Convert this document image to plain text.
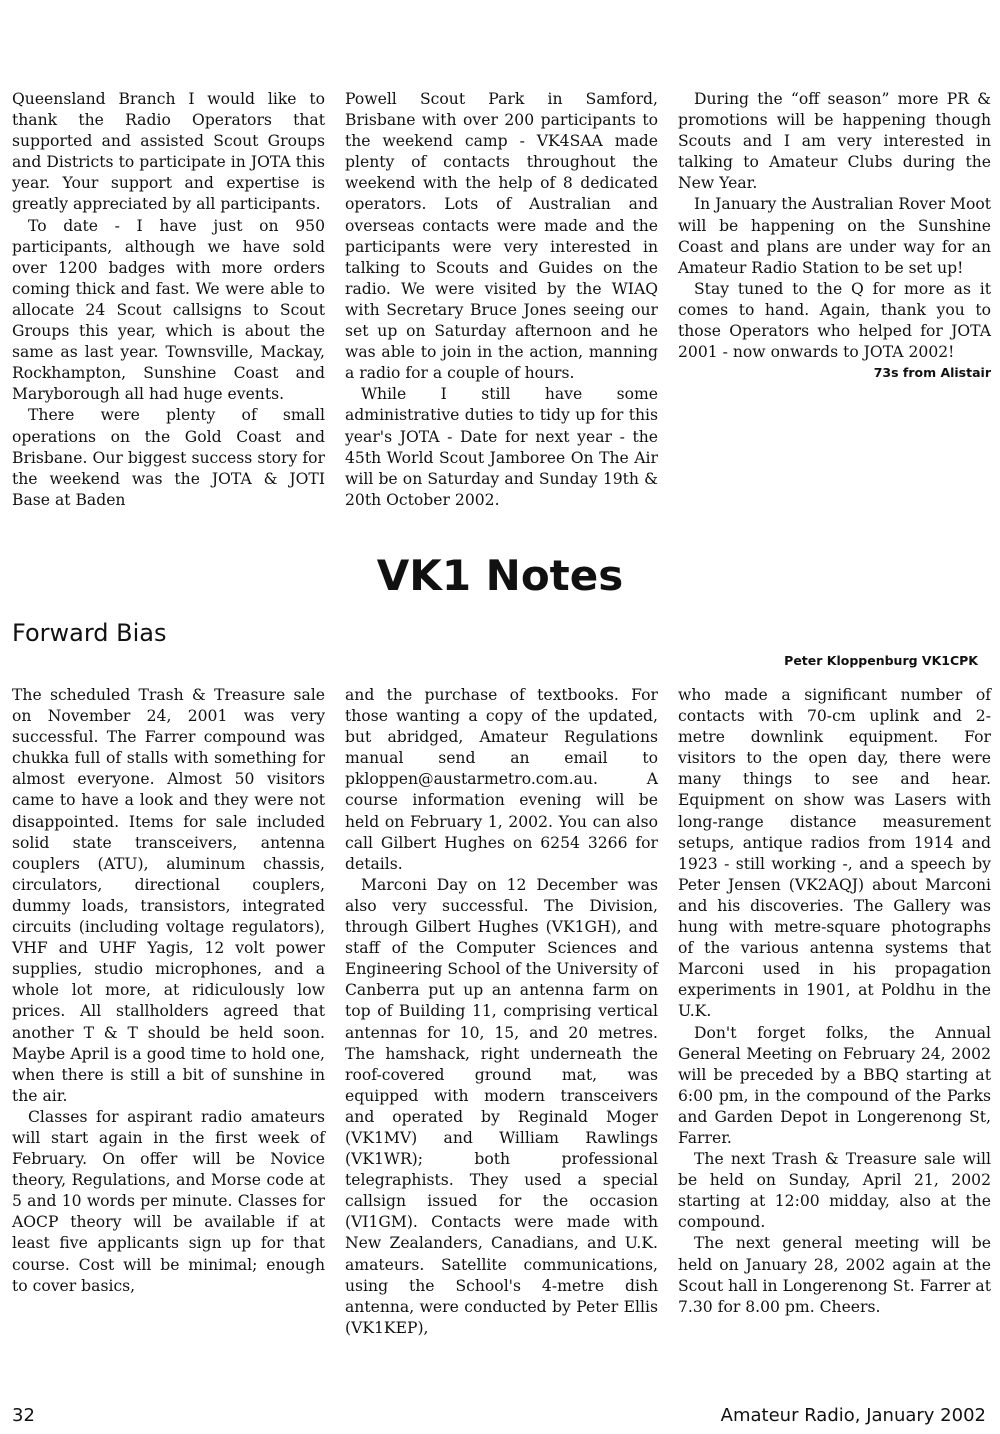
Queensland Branch I would like to thank the Radio Operators that supported and assisted Scout Groups and Districts to participate in JOTA this year. Your support and expertise is greatly appreciated by all participants.

To date - I have just on 950 participants, although we have sold over 1200 badges with more orders coming thick and fast. We were able to allocate 24 Scout callsigns to Scout Groups this year, which is about the same as last year. Townsville, Mackay, Rockhampton, Sunshine Coast and Maryborough all had huge events.

There were plenty of small operations on the Gold Coast and Brisbane. Our biggest success story for the weekend was the JOTA & JOTI Base at Baden

Powell Scout Park in Samford, Brisbane with over 200 participants to the weekend camp - VK4SAA made plenty of contacts throughout the weekend with the help of 8 dedicated operators. Lots of Australian and overseas contacts were made and the participants were very interested in talking to Scouts and Guides on the radio. We were visited by the WIAQ with Secretary Bruce Jones seeing our set up on Saturday afternoon and he was able to join in the action, manning a radio for a couple of hours.

While I still have some administrative duties to tidy up for this year's JOTA - Date for next year - the 45th World Scout Jamboree On The Air will be on Saturday and Sunday 19th & 20th October 2002.

During the “off season” more PR & promotions will be happening though Scouts and I am very interested in talking to Amateur Clubs during the New Year.

In January the Australian Rover Moot will be happening on the Sunshine Coast and plans are under way for an Amateur Radio Station to be set up!

Stay tuned to the Q for more as it comes to hand. Again, thank you to those Operators who helped for JOTA 2001 - now onwards to JOTA 2002!

73s from Alistair
VK1 Notes
Forward Bias
Peter Kloppenburg VK1CPK

The scheduled Trash & Treasure sale on November 24, 2001 was very successful. The Farrer compound was chukka full of stalls with something for almost everyone. Almost 50 visitors came to have a look and they were not disappointed. Items for sale included solid state transceivers, antenna couplers (ATU), aluminum chassis, circulators, directional couplers, dummy loads, transistors, integrated circuits (including voltage regulators), VHF and UHF Yagis, 12 volt power supplies, studio microphones, and a whole lot more, at ridiculously low prices. All stallholders agreed that another T & T should be held soon. Maybe April is a good time to hold one, when there is still a bit of sunshine in the air.

Classes for aspirant radio amateurs will start again in the first week of February. On offer will be Novice theory, Regulations, and Morse code at 5 and 10 words per minute. Classes for AOCP theory will be available if at least five applicants sign up for that course. Cost will be minimal; enough to cover basics,

and the purchase of textbooks. For those wanting a copy of the updated, but abridged, Amateur Regulations manual send an email to pkloppen@austarmetro.com.au. A course information evening will be held on February 1, 2002. You can also call Gilbert Hughes on 6254 3266 for details.

Marconi Day on 12 December was also very successful. The Division, through Gilbert Hughes (VK1GH), and staff of the Computer Sciences and Engineering School of the University of Canberra put up an antenna farm on top of Building 11, comprising vertical antennas for 10, 15, and 20 metres. The hamshack, right underneath the roof-covered ground mat, was equipped with modern transceivers and operated by Reginald Moger (VK1MV) and William Rawlings (VK1WR); both professional telegraphists. They used a special callsign issued for the occasion (VI1GM). Contacts were made with New Zealanders, Canadians, and U.K. amateurs. Satellite communications, using the School's 4-metre dish antenna, were conducted by Peter Ellis (VK1KEP),

who made a significant number of contacts with 70-cm uplink and 2-metre downlink equipment. For visitors to the open day, there were many things to see and hear. Equipment on show was Lasers with long-range distance measurement setups, antique radios from 1914 and 1923 - still working -, and a speech by Peter Jensen (VK2AQJ) about Marconi and his discoveries. The Gallery was hung with metre-square photographs of the various antenna systems that Marconi used in his propagation experiments in 1901, at Poldhu in the U.K.

Don't forget folks, the Annual General Meeting on February 24, 2002 will be preceded by a BBQ starting at 6:00 pm, in the compound of the Parks and Garden Depot in Longerenong St, Farrer.

The next Trash & Treasure sale will be held on Sunday, April 21, 2002 starting at 12:00 midday, also at the compound.

The next general meeting will be held on January 28, 2002 again at the Scout hall in Longerenong St. Farrer at 7.30 for 8.00 pm. Cheers.

32	Amateur Radio, January 2002
